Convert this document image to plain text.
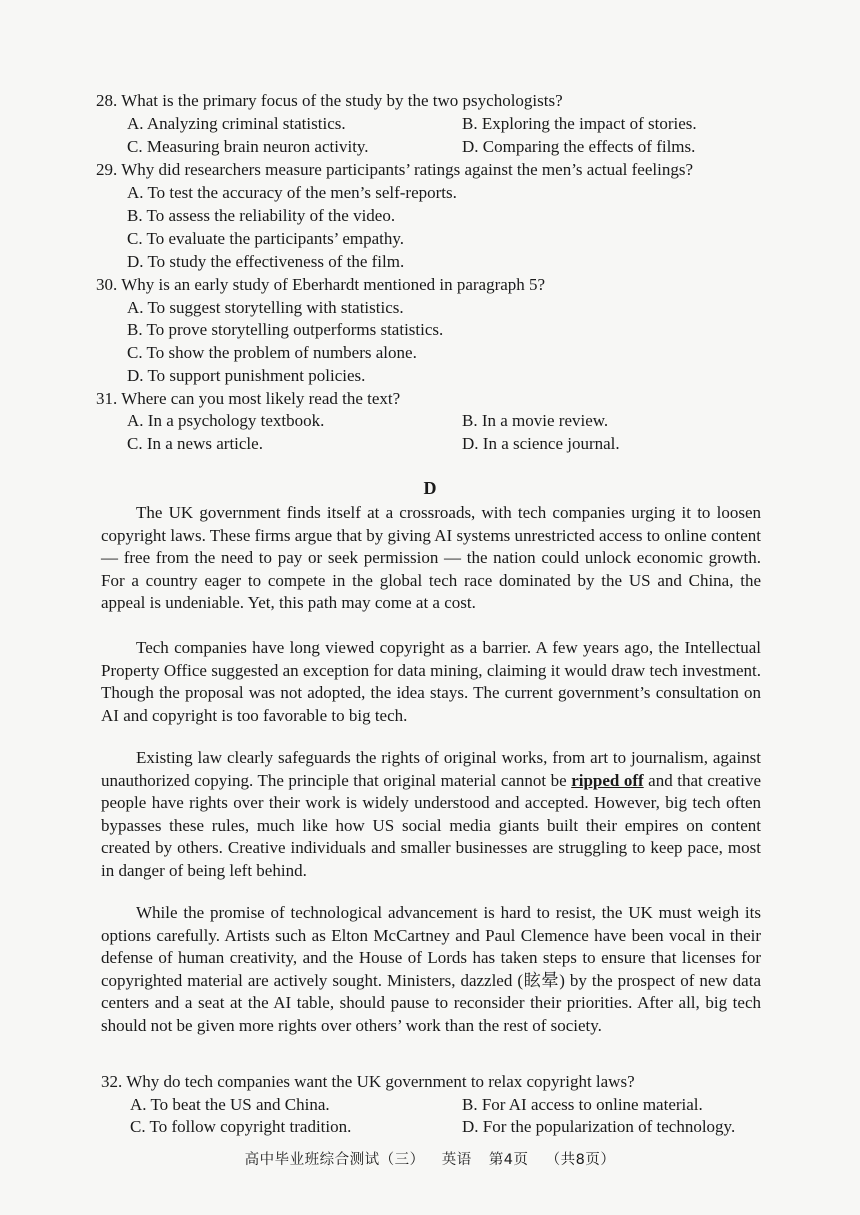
28. What is the primary focus of the study by the two psychologists?
A. Analyzing criminal statistics.	B. Exploring the impact of stories.
C. Measuring brain neuron activity.	D. Comparing the effects of films.
29. Why did researchers measure participants’ ratings against the men’s actual feelings?
A. To test the accuracy of the men’s self-reports.
B. To assess the reliability of the video.
C. To evaluate the participants’ empathy.
D. To study the effectiveness of the film.
30. Why is an early study of Eberhardt mentioned in paragraph 5?
A. To suggest storytelling with statistics.
B. To prove storytelling outperforms statistics.
C. To show the problem of numbers alone.
D. To support punishment policies.
31. Where can you most likely read the text?
A. In a psychology textbook.	B. In a movie review.
C. In a news article.	D. In a science journal.
D

The UK government finds itself at a crossroads, with tech companies urging it to loosen copyright laws. These firms argue that by giving AI systems unrestricted access to online content — free from the need to pay or seek permission — the nation could unlock economic growth. For a country eager to compete in the global tech race dominated by the US and China, the appeal is undeniable. Yet, this path may come at a cost.

Tech companies have long viewed copyright as a barrier. A few years ago, the Intellectual Property Office suggested an exception for data mining, claiming it would draw tech investment. Though the proposal was not adopted, the idea stays. The current government’s consultation on AI and copyright is too favorable to big tech.

Existing law clearly safeguards the rights of original works, from art to journalism, against unauthorized copying. The principle that original material cannot be ripped off and that creative people have rights over their work is widely understood and accepted. However, big tech often bypasses these rules, much like how US social media giants built their empires on content created by others. Creative individuals and smaller businesses are struggling to keep pace, most in danger of being left behind.

While the promise of technological advancement is hard to resist, the UK must weigh its options carefully. Artists such as Elton McCartney and Paul Clemence have been vocal in their defense of human creativity, and the House of Lords has taken steps to ensure that licenses for copyrighted material are actively sought. Ministers, dazzled (眩晕) by the prospect of new data centers and a seat at the AI table, should pause to reconsider their priorities. After all, big tech should not be given more rights over others’ work than the rest of society.

32. Why do tech companies want the UK government to relax copyright laws?
A. To beat the US and China.	B. For AI access to online material.
C. To follow copyright tradition.	D. For the popularization of technology.
高中毕业班综合测试（三） 英语 第4页 （共8页）
